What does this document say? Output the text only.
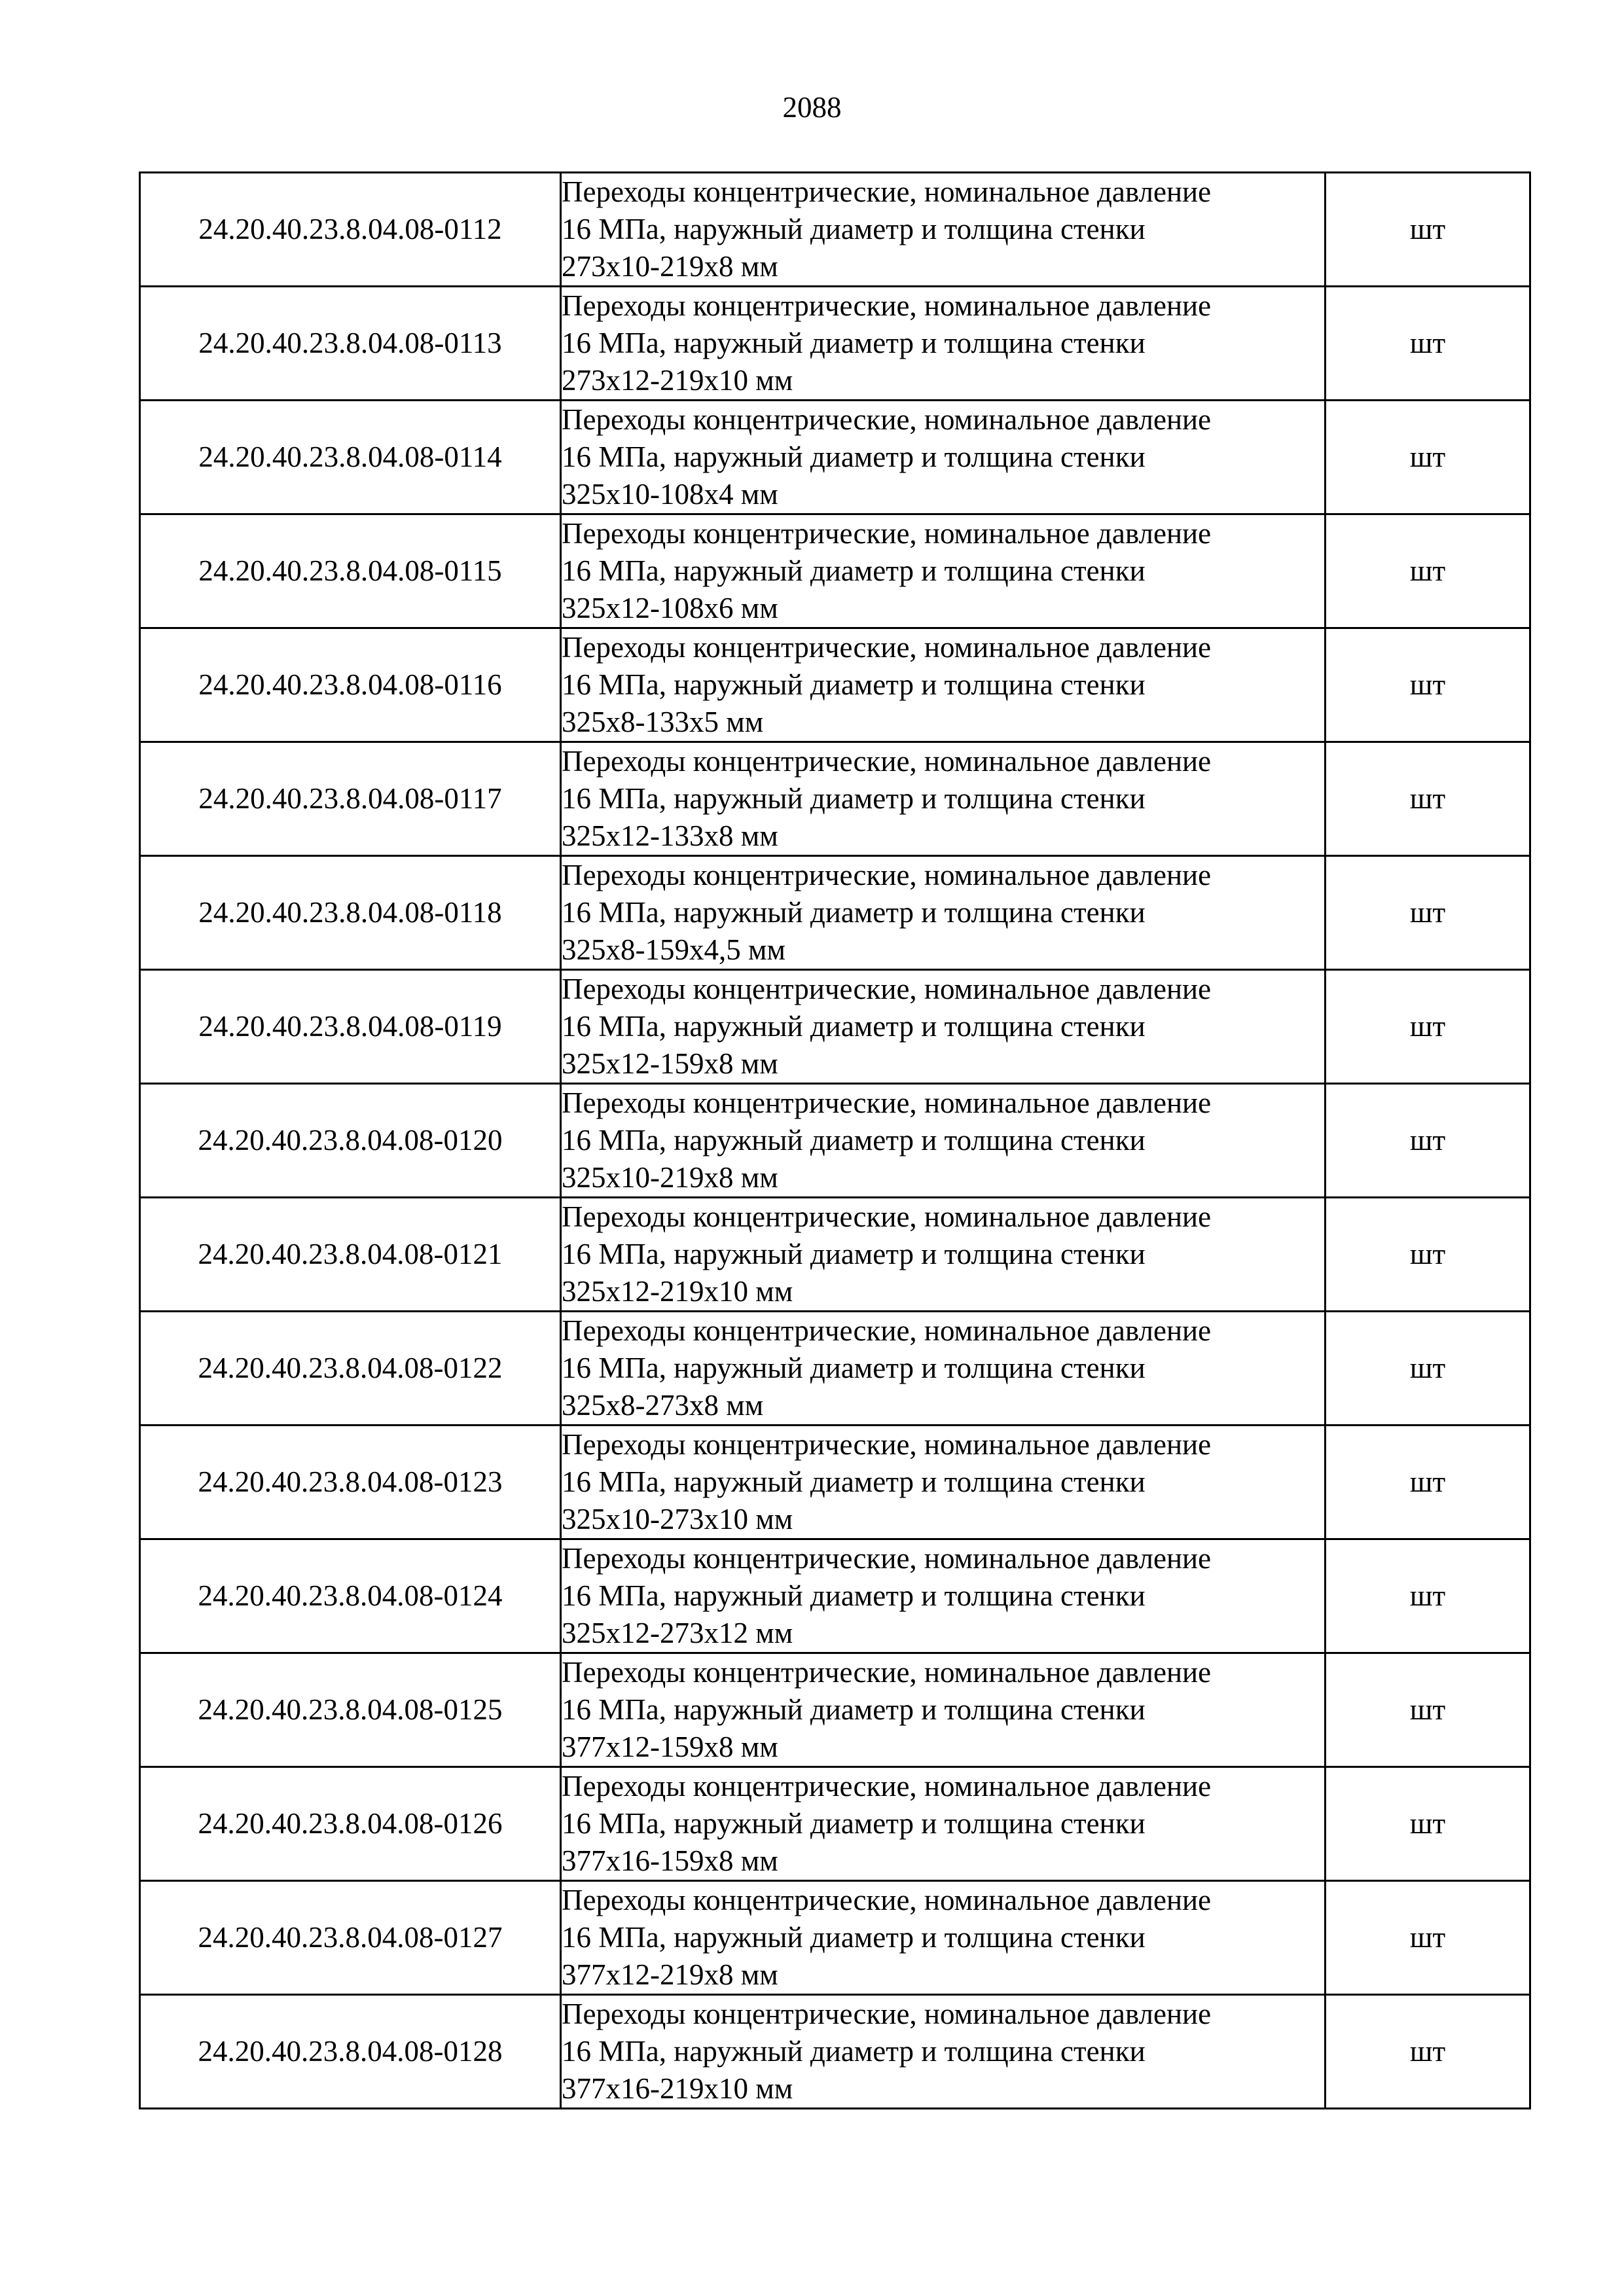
2088
24.20.40.23.8.04.08-0112	Переходы концентрические, номинальное давление
16 МПа, наружный диаметр и толщина стенки
273х10-219х8 мм	шт
24.20.40.23.8.04.08-0113	Переходы концентрические, номинальное давление
16 МПа, наружный диаметр и толщина стенки
273х12-219х10 мм	шт
24.20.40.23.8.04.08-0114	Переходы концентрические, номинальное давление
16 МПа, наружный диаметр и толщина стенки
325х10-108х4 мм	шт
24.20.40.23.8.04.08-0115	Переходы концентрические, номинальное давление
16 МПа, наружный диаметр и толщина стенки
325х12-108х6 мм	шт
24.20.40.23.8.04.08-0116	Переходы концентрические, номинальное давление
16 МПа, наружный диаметр и толщина стенки
325х8-133х5 мм	шт
24.20.40.23.8.04.08-0117	Переходы концентрические, номинальное давление
16 МПа, наружный диаметр и толщина стенки
325х12-133х8 мм	шт
24.20.40.23.8.04.08-0118	Переходы концентрические, номинальное давление
16 МПа, наружный диаметр и толщина стенки
325х8-159х4,5 мм	шт
24.20.40.23.8.04.08-0119	Переходы концентрические, номинальное давление
16 МПа, наружный диаметр и толщина стенки
325х12-159х8 мм	шт
24.20.40.23.8.04.08-0120	Переходы концентрические, номинальное давление
16 МПа, наружный диаметр и толщина стенки
325х10-219х8 мм	шт
24.20.40.23.8.04.08-0121	Переходы концентрические, номинальное давление
16 МПа, наружный диаметр и толщина стенки
325х12-219х10 мм	шт
24.20.40.23.8.04.08-0122	Переходы концентрические, номинальное давление
16 МПа, наружный диаметр и толщина стенки
325х8-273х8 мм	шт
24.20.40.23.8.04.08-0123	Переходы концентрические, номинальное давление
16 МПа, наружный диаметр и толщина стенки
325х10-273х10 мм	шт
24.20.40.23.8.04.08-0124	Переходы концентрические, номинальное давление
16 МПа, наружный диаметр и толщина стенки
325х12-273х12 мм	шт
24.20.40.23.8.04.08-0125	Переходы концентрические, номинальное давление
16 МПа, наружный диаметр и толщина стенки
377х12-159х8 мм	шт
24.20.40.23.8.04.08-0126	Переходы концентрические, номинальное давление
16 МПа, наружный диаметр и толщина стенки
377х16-159х8 мм	шт
24.20.40.23.8.04.08-0127	Переходы концентрические, номинальное давление
16 МПа, наружный диаметр и толщина стенки
377х12-219х8 мм	шт
24.20.40.23.8.04.08-0128	Переходы концентрические, номинальное давление
16 МПа, наружный диаметр и толщина стенки
377х16-219х10 мм	шт
